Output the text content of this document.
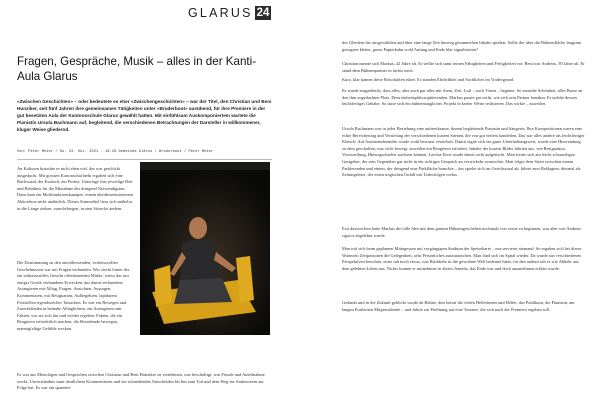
GLARUS 24
Fragen, Gespräche, Musik – alles in der Kanti-Aula Glarus

«Zwischen Geschichten» – oder bedeutete es eher «Zwischengeschichten» – war der Titel, den Christian und Beni Hunziker, seit fünf Jahren ihre gemeinsamen Tätigkeiten unter «Bruderboot» ausübend, für ihre Premiere in der gut besetzten Aula der Kantonsschule Glarus gewählt hatten. Mit einfühlsam Auskomponiertem wartete die Pianistin Ursula Bachmann auf, begleitend, die verschiedenen Betrachtungen der Darsteller in willkommener, kluger Weise gliedernd.

Von: Peter Meier / So. 24. Okt. 2021 - 16:29 Gemeinde Glarus / Bruderboot / Peter Meier

An Kulissen brauchte es nicht eben viel, das war geschickt ausgedacht. Mit grossen Kartonschachteln ergaben sich eine Rückwand, der Esstisch, ein Podest, Unterlage fürs jeweilige Bett und Behältnis für die Mitnahme des dringend Notwendigsten. Dazu kam ein Multifunktionskanapee, einem überdimensionierten Akkordeon nicht unähnlich. Dieses Stimmöbel liess sich mühelos in die Länge ziehen, zurechtbiegen, in eine Sitzecke ändern.

Die Einstimmung zu den anschliessenden, verheissvollen Geschehnissen war mit Fragen verbunden. Wer steckt hinter der ein teilnassen/eles Gesicht offenbarenden Maske, wieso das mit einiger Gestik verbundene Erwecken, das damit verbundene Arrangieren mit Alltag, Fragen, Ansichten, Aussagen, Kommentaren, mit Resignation, Aufbegehren, lapidarem Feststellen irgendwelcher Tatsachen. Es war ein Bewegen und Zurechtfinden in beinahe Alltäglichem, ein Arrangieren mit Fakten, wie sie sich hin und wieder ergeben. Fakten, die ein Reagieren erforderlich machen, die Bestehende bewegen, mannigfaltige Gefühle wecken.

Es war aus Monologen und Gesprächen zwischen Christian und Beni Hunziker zu vernehmen, was beschäftigt, was Freude und Anteilnahme weckt, Unverständnis samt deutlichem Kommentieren und ein schneidendes Entscheiden bis hin zum Tod und dem Weg ins Andersseein zur Folge hat. Es war ein spannen-

des Gliedern der ausgewählten und über eine lange Zeit hinweg gesammelten Inhalte spürbar. Sollte der über die Bühnenfläche langsam gezogene kleine, graue Papierkahn wohl Anfang und Ende klar signalisieren?

Christian nannte sich Markus, 42 Jahre alt. Er stellte sich samt seinen Fähigkeiten und Fertigkeiten vor. Beni war Andreas, 39 Jahre alt. Er stand dem Bühnenpartner in nichts nach.

Kurz, klar kamen diese Botschaften rüber. Es standen Ehrlichkeit und Sachliches im Vordergrund.

Es wurde ausgedrückt, dass alles, aber auch gar alles mit Atem, Zeit, Luft – auch Tönen – beginne. So entstehe Schönheit, alles Besse an den ihm zugedachten Platz. Dem einheitsphilosophierenden. Markus passte gar nicht, wie sich sein Partner benahm. Er tadelte dessen leichtfertiges Gehabe. So lasse sich ein bühnentaugliches Projekt in keiner Weise realisieren. Das wirkte – zuweilen.

Ursula Bachmann war in jeder Beziehung eine aufmerksame, dezent begleitende Pianistin und Sängerin. Ihre Kompositionen waren eine echte Bereicherung und Vertiefung der verschiedenen kurzen Szenen, die von gut vielem handelten. Das war alles andere als leichtfertiger Klatsch. Auf Auseinanderendes wurde wohl bewusst verzichtet. Damit ergab sich ein guter Unterhaltungswert, wurde eine Hinwendung zu dem geschaffen, was viele bewegt, zuweilen ein Reagieren erfordert. Inhalte der kurzen Bilder führten aus, wie Resignation, Verzweiflung, Hinwegschielen wachsen können. Leichte Kost wurde damit nicht aufgetischt. Man freute sich am leicht schusseligen Gastgeber, der sein Gegenüber gar nicht in ein richtiges Gespräch zu verwickeln vermochte: Man folgte dem Streit zwischen einem Parkierenden und einem, der dringend eine Parkfläche brauchte – das spielte sich im Gerichtssaal ab, führte zum Beklagten, diesmal als Zeitungsleser, der einen tragischen Unfall mit Todesfolgen vorlas.

Erst dazwischen hatte Markus die tolle Idee mit dem ganzen Bühnengeschehen nochmals von vorne zu beginnen, was aber von Andreas rigoros abgelehnt wurde.

Man traf sich beim geplanten Mittagessen mit vorgängigem Studium der Speisekarte – nur servierte niemand. So ergaben sich bei dieser Wartezeit Zeitpassonen die Gelegenheit, sehr Persönliches auszutauschen. Man fand sich im Spital wieder. Da wurde aus verschiedenen Perspektiven berichtet, einer sah noch etwas, was Rückkehr in die gewohnte Welt bedeutet hätte, für den andern sah es wie Abkehr aus dem gelebten Leben aus. Nichts konnte er mitnehmen in dieses Jenseits, das Ende war und doch anzunehmen erklärt wurde.

Gedankt und in die Zukunft geblickt wurde ab Bühne, dies betraf die vielen Helferinnen und Helfer, das Publikum, die Pianistin, am langen Erarbeiten Mitgestaltende – und führte zur Hoffnung auf eine Tournee, die sich nach der Premiere ergeben soll.
